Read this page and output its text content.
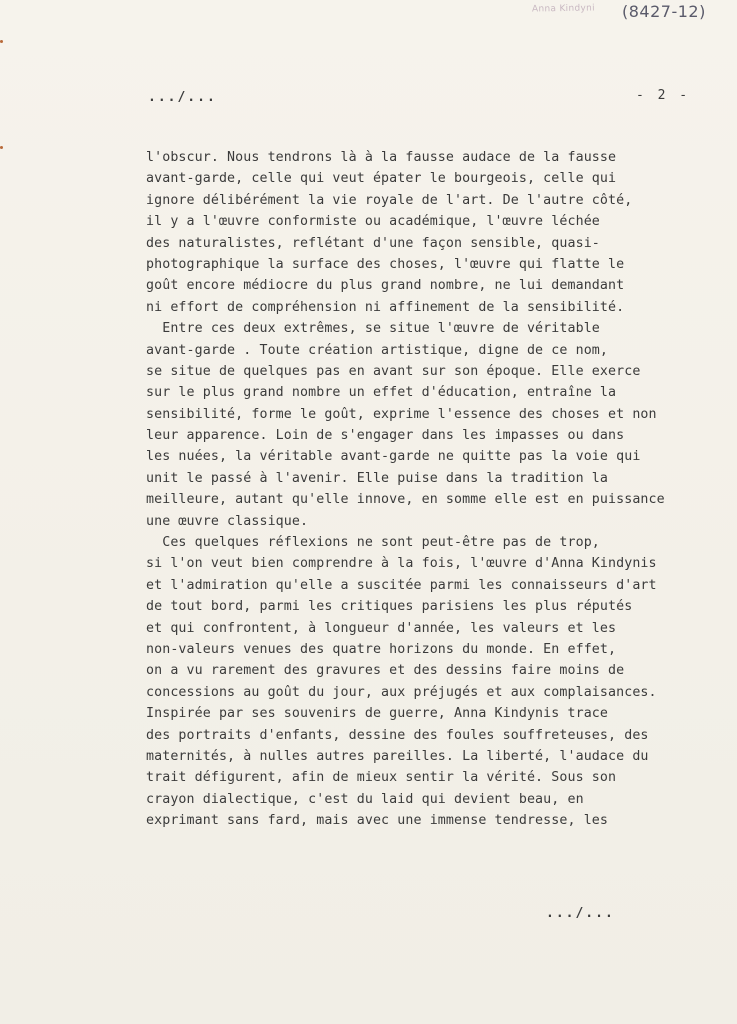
Anna Kindyni (8427-12)
.../...	- 2 -
l'obscur. Nous tendrons là à la fausse audace de la fausse
avant-garde, celle qui veut épater le bourgeois, celle qui
ignore délibérément la vie royale de l'art. De l'autre côté,
il y a l'œuvre conformiste ou académique, l'œuvre léchée
des naturalistes, reflétant d'une façon sensible, quasi-
photographique la surface des choses, l'œuvre qui flatte le
goût encore médiocre du plus grand nombre, ne lui demandant
ni effort de compréhension ni affinement de la sensibilité.
Entre ces deux extrêmes, se situe l'œuvre de véritable
avant-garde . Toute création artistique, digne de ce nom,
se situe de quelques pas en avant sur son époque. Elle exerce
sur le plus grand nombre un effet d'éducation, entraîne la
sensibilité, forme le goût, exprime l'essence des choses et non
leur apparence. Loin de s'engager dans les impasses ou dans
les nuées, la véritable avant-garde ne quitte pas la voie qui
unit le passé à l'avenir. Elle puise dans la tradition la
meilleure, autant qu'elle innove, en somme elle est en puissance
une œuvre classique.
Ces quelques réflexions ne sont peut-être pas de trop,
si l'on veut bien comprendre à la fois, l'œuvre d'Anna Kindynis
et l'admiration qu'elle a suscitée parmi les connaisseurs d'art
de tout bord, parmi les critiques parisiens les plus réputés
et qui confrontent, à longueur d'année, les valeurs et les
non-valeurs venues des quatre horizons du monde. En effet,
on a vu rarement des gravures et des dessins faire moins de
concessions au goût du jour, aux préjugés et aux complaisances.
Inspirée par ses souvenirs de guerre, Anna Kindynis trace
des portraits d'enfants, dessine des foules souffreteuses, des
maternités, à nulles autres pareilles. La liberté, l'audace du
trait défigurent, afin de mieux sentir la vérité. Sous son
crayon dialectique, c'est du laid qui devient beau, en
exprimant sans fard, mais avec une immense tendresse, les
.../...
